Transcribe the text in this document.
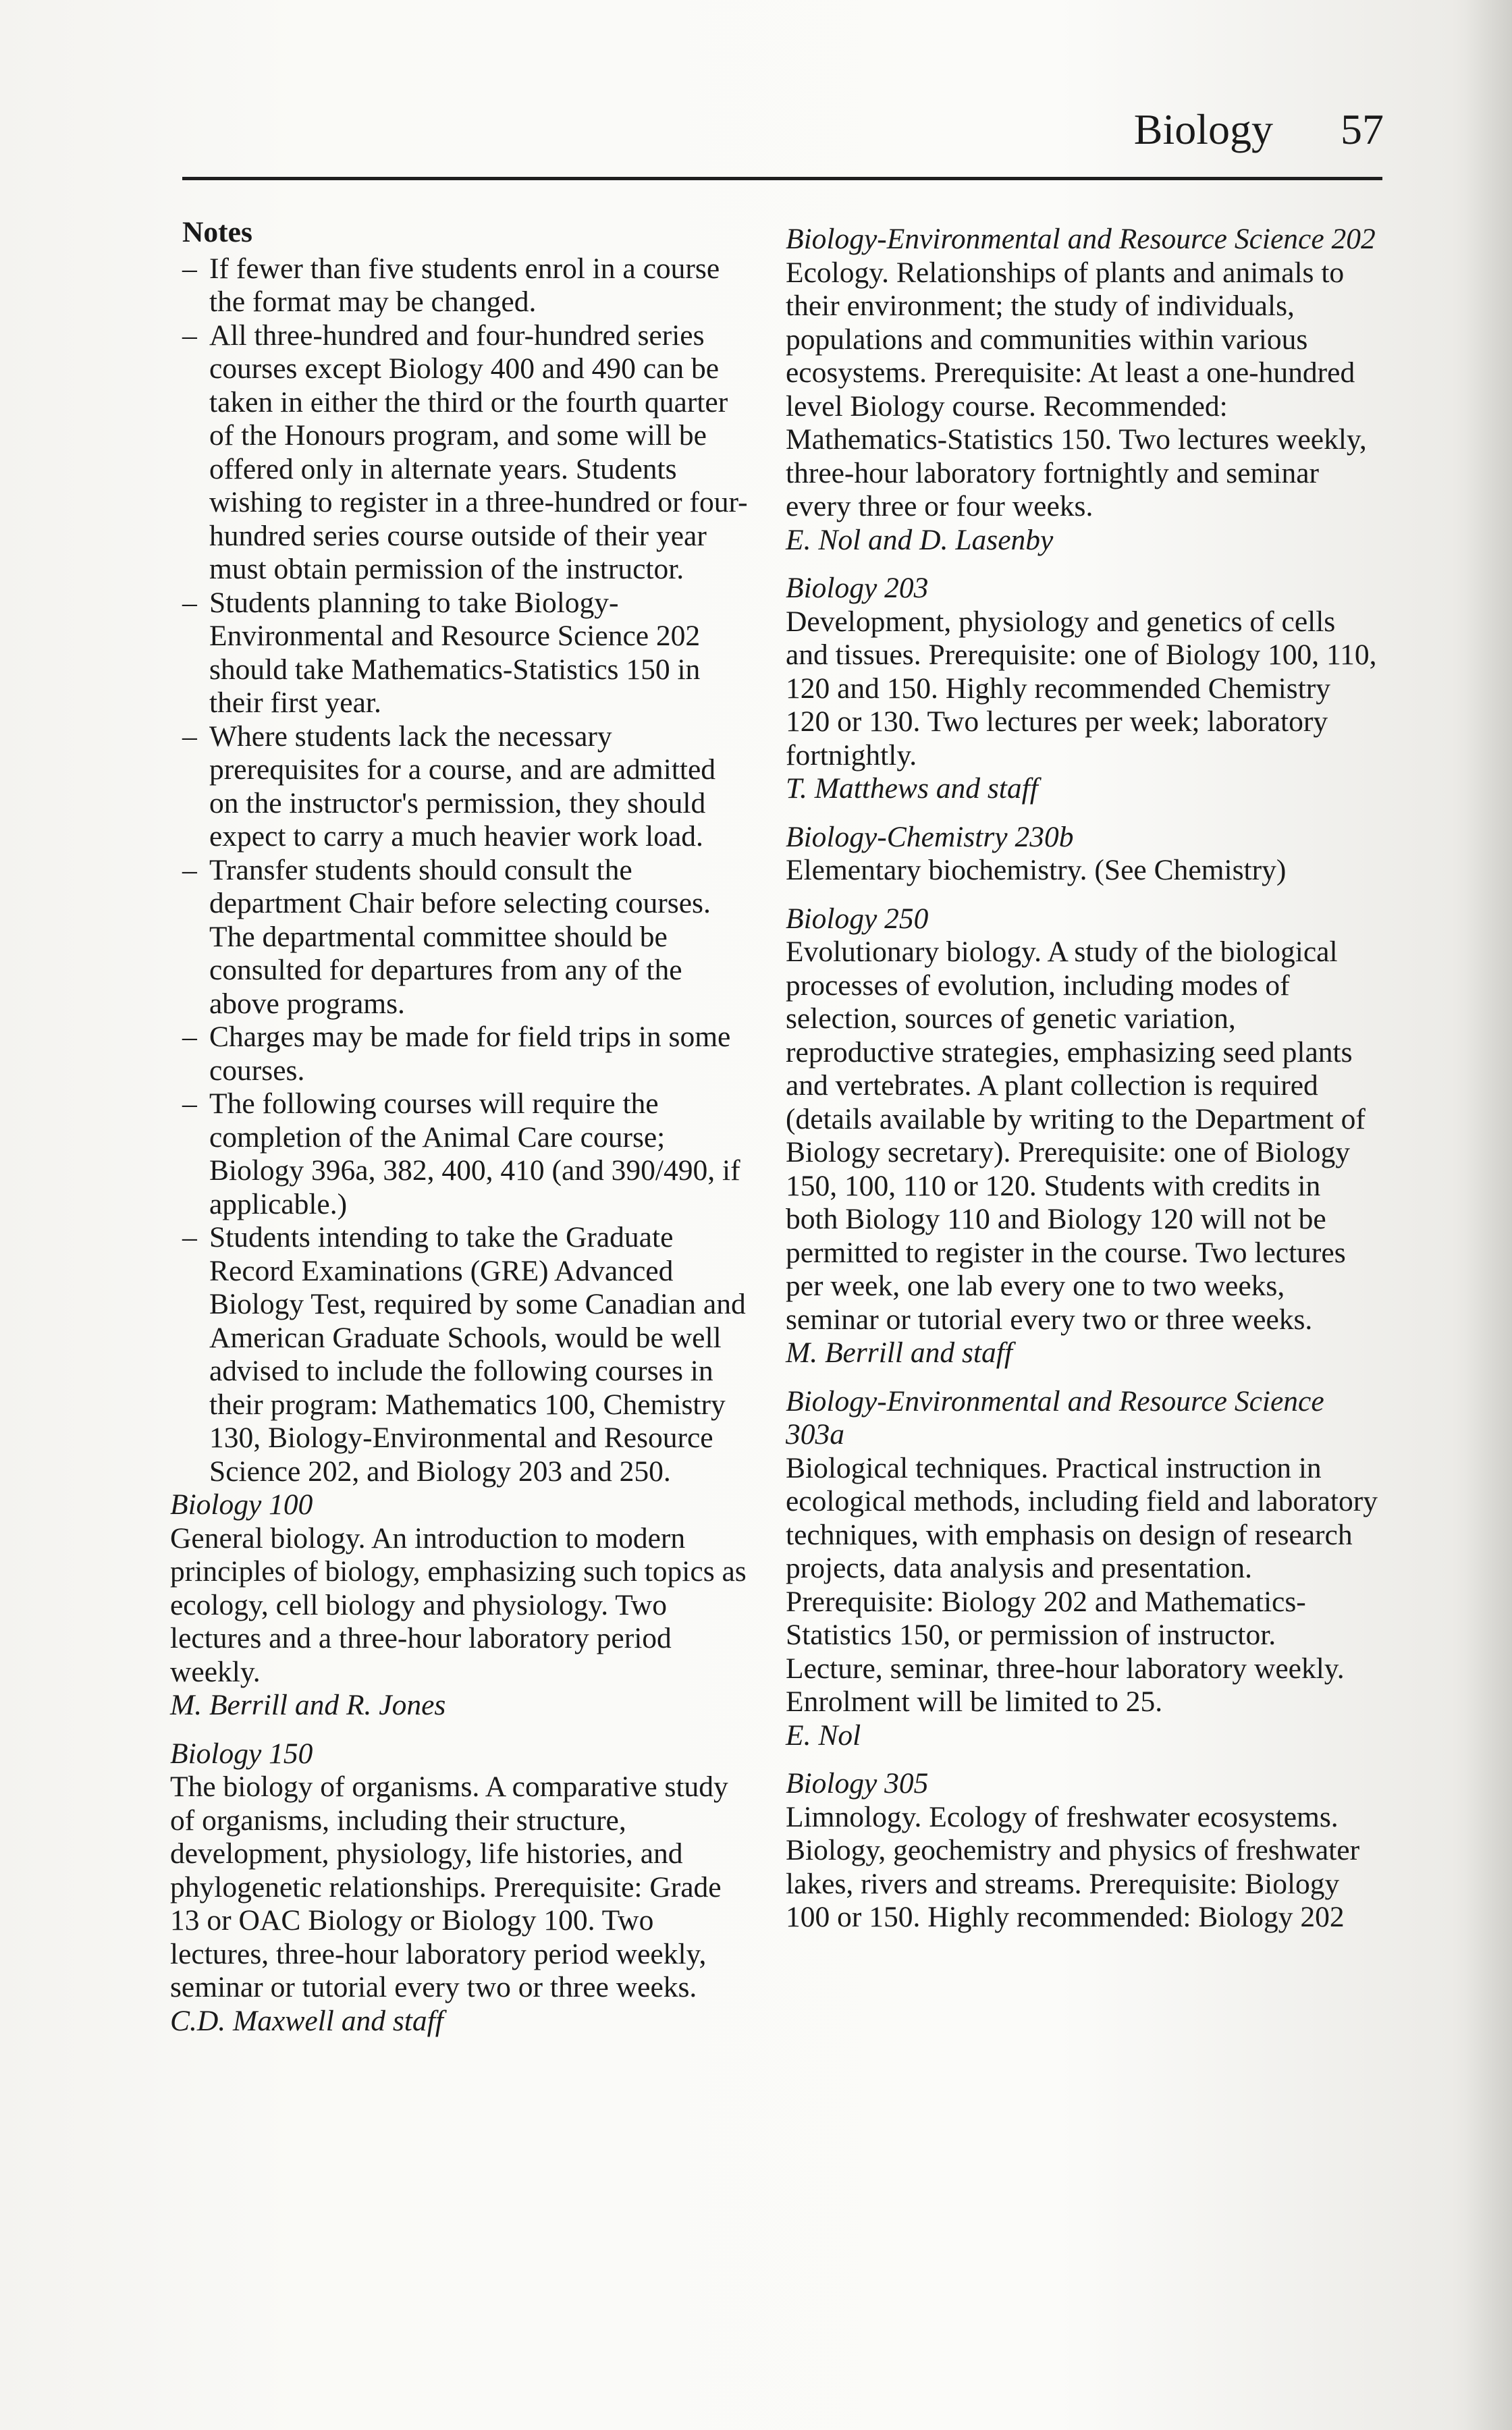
Biology 57
Notes
– If fewer than five students enrol in a course the format may be changed.
– All three-hundred and four-hundred series courses except Biology 400 and 490 can be taken in either the third or the fourth quarter of the Honours program, and some will be offered only in alternate years. Students wishing to register in a three-hundred or four-hundred series course outside of their year must obtain permission of the instructor.
– Students planning to take Biology-Environmental and Resource Science 202 should take Mathematics-Statistics 150 in their first year.
– Where students lack the necessary prerequisites for a course, and are admitted on the instructor's permission, they should expect to carry a much heavier work load.
– Transfer students should consult the department Chair before selecting courses. The departmental committee should be consulted for departures from any of the above programs.
– Charges may be made for field trips in some courses.
– The following courses will require the completion of the Animal Care course; Biology 396a, 382, 400, 410 (and 390/490, if applicable.)
– Students intending to take the Graduate Record Examinations (GRE) Advanced Biology Test, required by some Canadian and American Graduate Schools, would be well advised to include the following courses in their program: Mathematics 100, Chemistry 130, Biology-Environmental and Resource Science 202, and Biology 203 and 250.

Biology 100

General biology. An introduction to modern principles of biology, emphasizing such topics as ecology, cell biology and physiology. Two lectures and a three-hour laboratory period weekly.

M. Berrill and R. Jones

Biology 150

The biology of organisms. A comparative study of organisms, including their structure, development, physiology, life histories, and phylogenetic relationships. Prerequisite: Grade 13 or OAC Biology or Biology 100. Two lectures, three-hour laboratory period weekly, seminar or tutorial every two or three weeks.

C.D. Maxwell and staff

Biology-Environmental and Resource Science 202

Ecology. Relationships of plants and animals to their environment; the study of individuals, populations and communities within various ecosystems. Prerequisite: At least a one-hundred level Biology course. Recommended: Mathematics-Statistics 150. Two lectures weekly, three-hour laboratory fortnightly and seminar every three or four weeks.

E. Nol and D. Lasenby

Biology 203

Development, physiology and genetics of cells and tissues. Prerequisite: one of Biology 100, 110, 120 and 150. Highly recommended Chemistry 120 or 130. Two lectures per week; laboratory fortnightly.

T. Matthews and staff

Biology-Chemistry 230b

Elementary biochemistry. (See Chemistry)

Biology 250

Evolutionary biology. A study of the biological processes of evolution, including modes of selection, sources of genetic variation, reproductive strategies, emphasizing seed plants and vertebrates. A plant collection is required (details available by writing to the Department of Biology secretary). Prerequisite: one of Biology 150, 100, 110 or 120. Students with credits in both Biology 110 and Biology 120 will not be permitted to register in the course. Two lectures per week, one lab every one to two weeks, seminar or tutorial every two or three weeks.

M. Berrill and staff

Biology-Environmental and Resource Science 303a

Biological techniques. Practical instruction in ecological methods, including field and laboratory techniques, with emphasis on design of research projects, data analysis and presentation. Prerequisite: Biology 202 and Mathematics-Statistics 150, or permission of instructor. Lecture, seminar, three-hour laboratory weekly. Enrolment will be limited to 25.

E. Nol

Biology 305

Limnology. Ecology of freshwater ecosystems. Biology, geochemistry and physics of freshwater lakes, rivers and streams. Prerequisite: Biology 100 or 150. Highly recommended: Biology 202
